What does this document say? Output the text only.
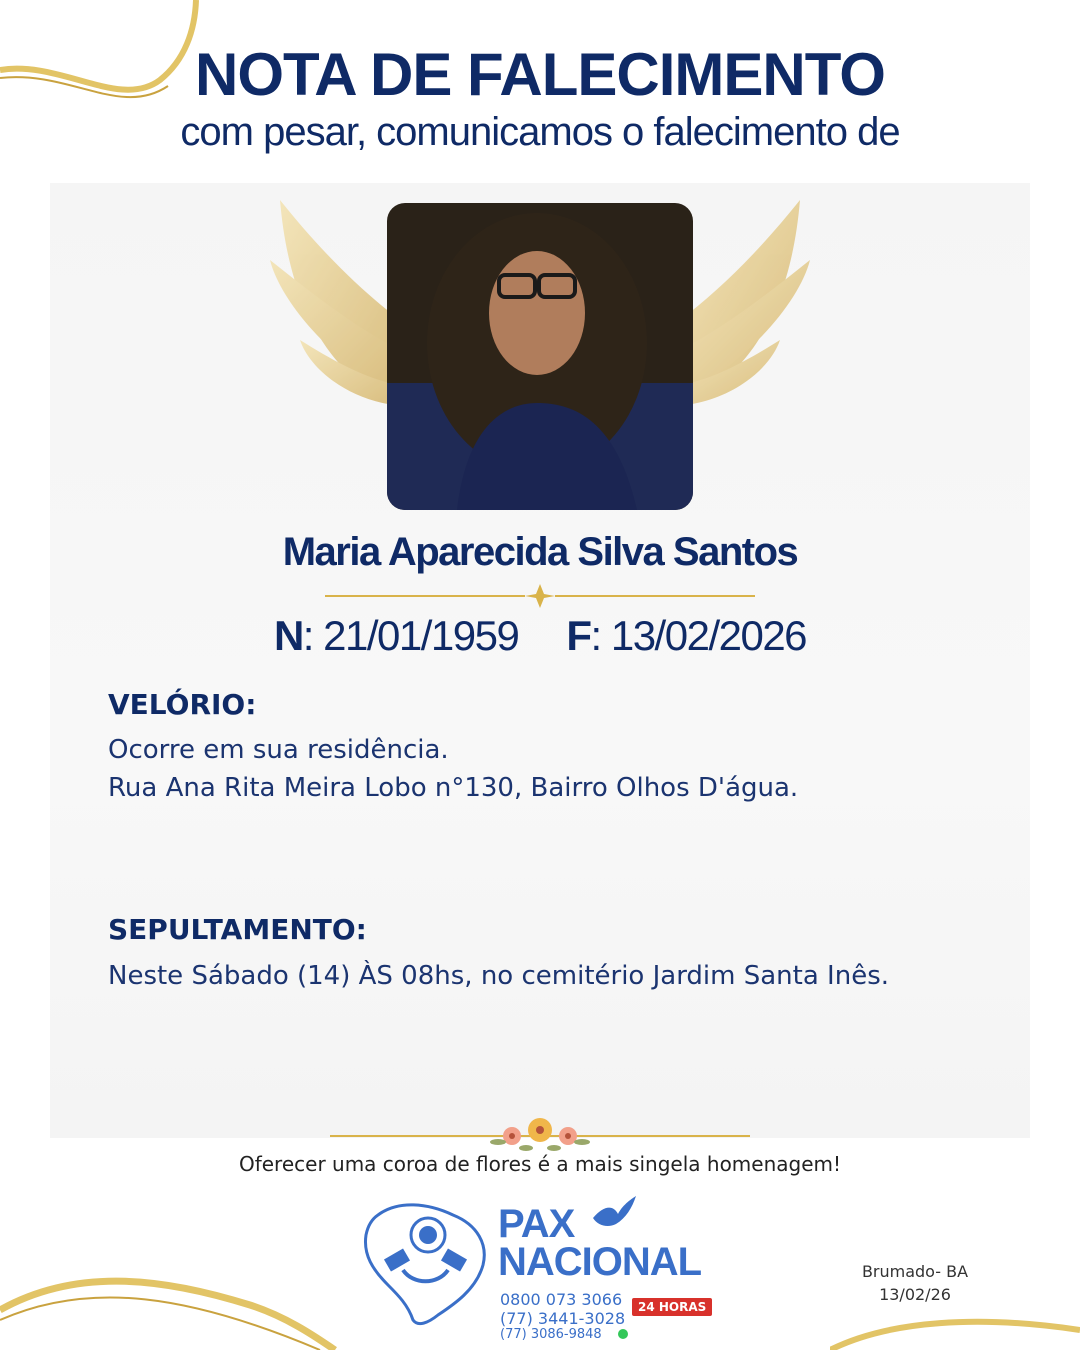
NOTA DE FALECIMENTO
com pesar, comunicamos o falecimento de
Maria Aparecida Silva Santos
N: 21/01/1959 F: 13/02/2026
VELÓRIO:
Ocorre em sua residência.
Rua Ana Rita Meira Lobo n°130, Bairro Olhos D'água.
SEPULTAMENTO:
Neste Sábado (14) ÀS 08hs, no cemitério Jardim Santa Inês.
Oferecer uma coroa de flores é a mais singela homenagem!
PAX
NACIONAL
0800 073 3066
(77) 3441-3028
(77) 3086-9848
24 HORAS
Brumado- BA
13/02/26
